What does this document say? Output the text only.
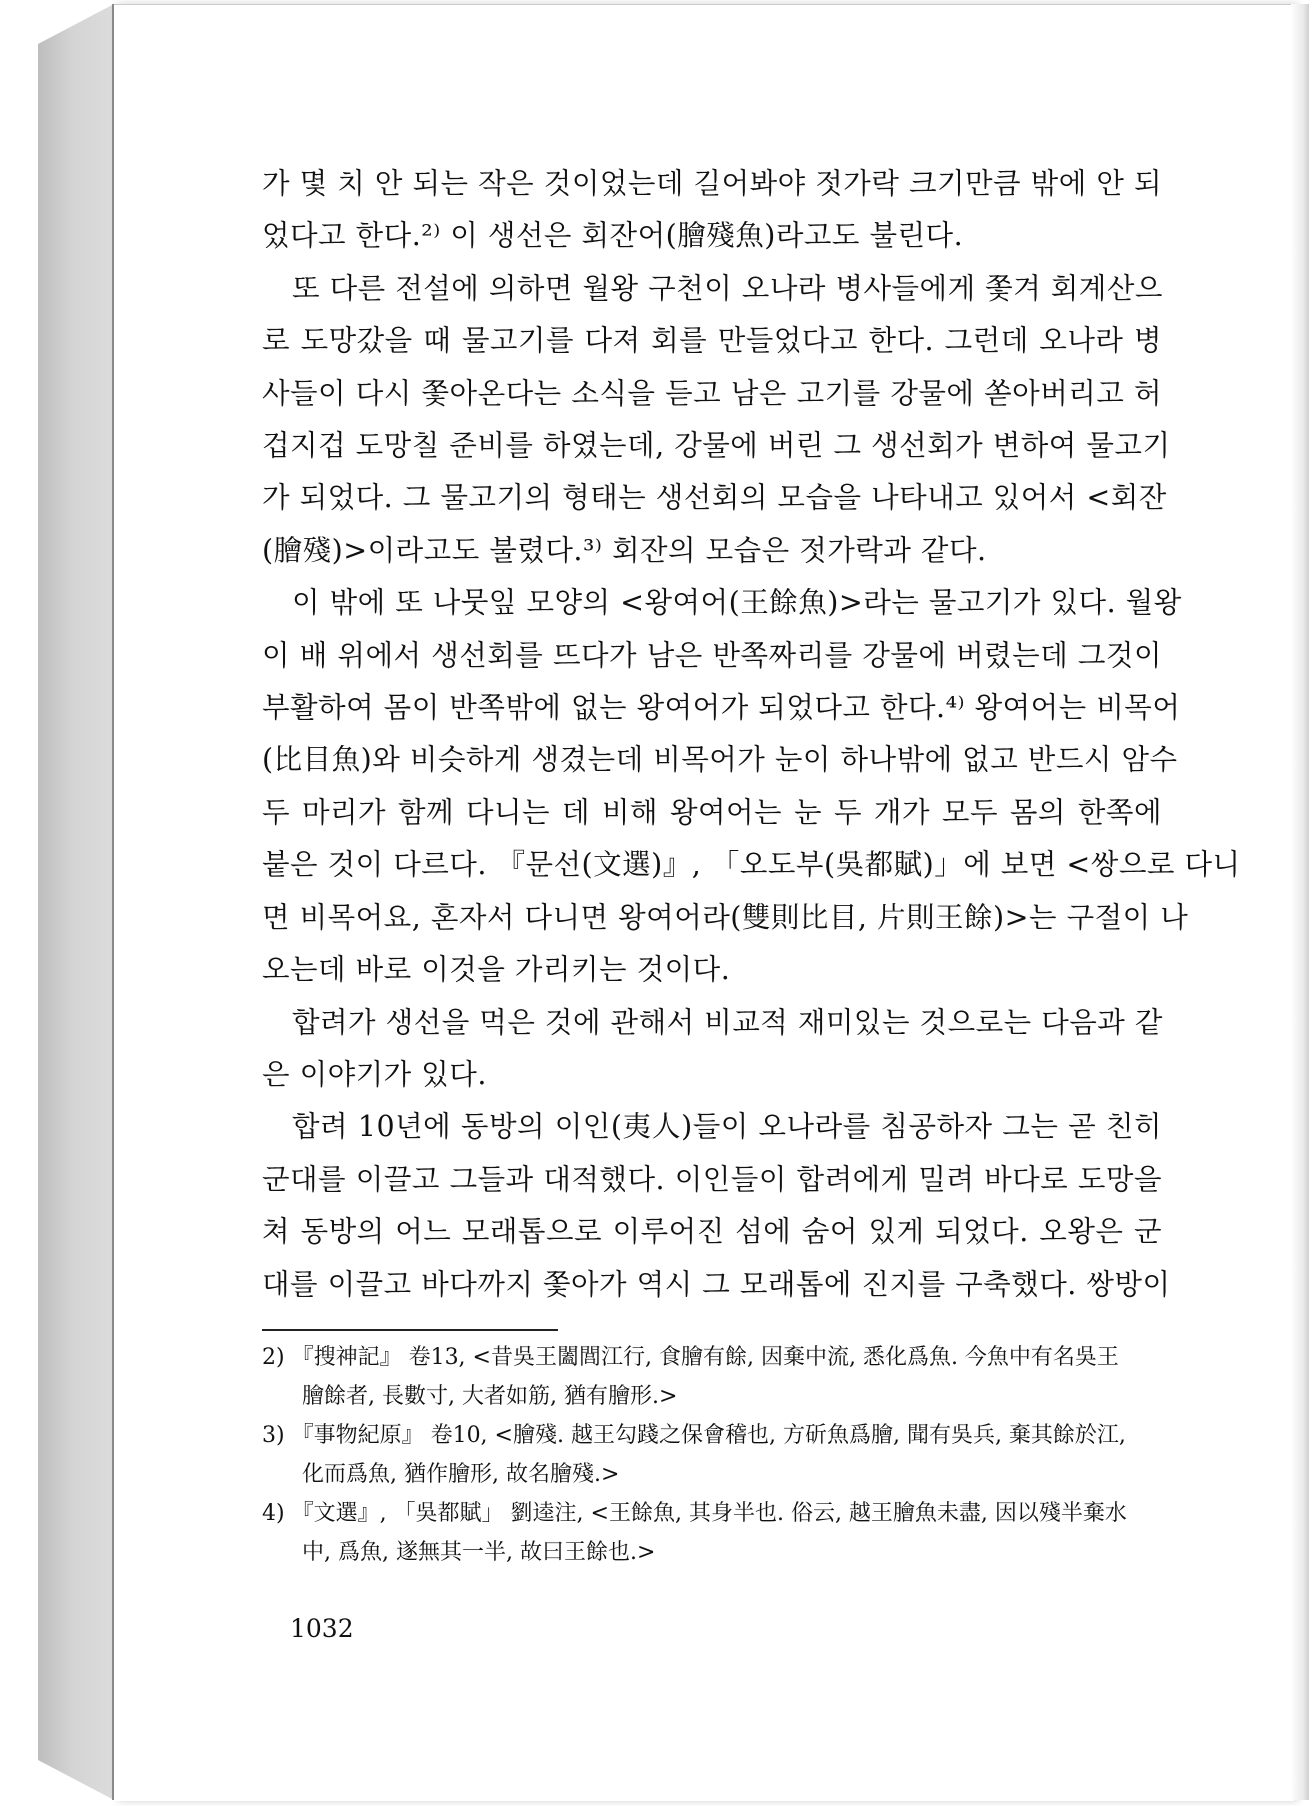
가 몇 치 안 되는 작은 것이었는데 길어봐야 젓가락 크기만큼 밖에 안 되
었다고 한다.²⁾ 이 생선은 회잔어(膾殘魚)라고도 불린다.

또 다른 전설에 의하면 월왕 구천이 오나라 병사들에게 쫓겨 회계산으
로 도망갔을 때 물고기를 다져 회를 만들었다고 한다. 그런데 오나라 병
사들이 다시 쫓아온다는 소식을 듣고 남은 고기를 강물에 쏟아버리고 허
겁지겁 도망칠 준비를 하였는데, 강물에 버린 그 생선회가 변하여 물고기
가 되었다. 그 물고기의 형태는 생선회의 모습을 나타내고 있어서 <회잔
(膾殘)>이라고도 불렸다.³⁾ 회잔의 모습은 젓가락과 같다.

이 밖에 또 나뭇잎 모양의 <왕여어(王餘魚)>라는 물고기가 있다. 월왕
이 배 위에서 생선회를 뜨다가 남은 반쪽짜리를 강물에 버렸는데 그것이
부활하여 몸이 반쪽밖에 없는 왕여어가 되었다고 한다.⁴⁾ 왕여어는 비목어
(比目魚)와 비슷하게 생겼는데 비목어가 눈이 하나밖에 없고 반드시 암수
두 마리가 함께 다니는 데 비해 왕여어는 눈 두 개가 모두 몸의 한쪽에
붙은 것이 다르다. 『문선(文選)』, 「오도부(吳都賦)」에 보면 <쌍으로 다니
면 비목어요, 혼자서 다니면 왕여어라(雙則比目, 片則王餘)>는 구절이 나
오는데 바로 이것을 가리키는 것이다.

합려가 생선을 먹은 것에 관해서 비교적 재미있는 것으로는 다음과 같
은 이야기가 있다.

합려 10년에 동방의 이인(夷人)들이 오나라를 침공하자 그는 곧 친히
군대를 이끌고 그들과 대적했다. 이인들이 합려에게 밀려 바다로 도망을
쳐 동방의 어느 모래톱으로 이루어진 섬에 숨어 있게 되었다. 오왕은 군
대를 이끌고 바다까지 쫓아가 역시 그 모래톱에 진지를 구축했다. 쌍방이

2) 『搜神記』 卷13, <昔吳王闔閭江行, 食膾有餘, 因棄中流, 悉化爲魚. 今魚中有名吳王
膾餘者, 長數寸, 大者如筋, 猶有膾形.>

3) 『事物紀原』 卷10, <膾殘. 越王勾踐之保會稽也, 方斫魚爲膾, 聞有吳兵, 棄其餘於江,
化而爲魚, 猶作膾形, 故名膾殘.>

4) 『文選』, 「吳都賦」 劉逵注, <王餘魚, 其身半也. 俗云, 越王膾魚未盡, 因以殘半棄水
中, 爲魚, 遂無其一半, 故曰王餘也.>

1032
